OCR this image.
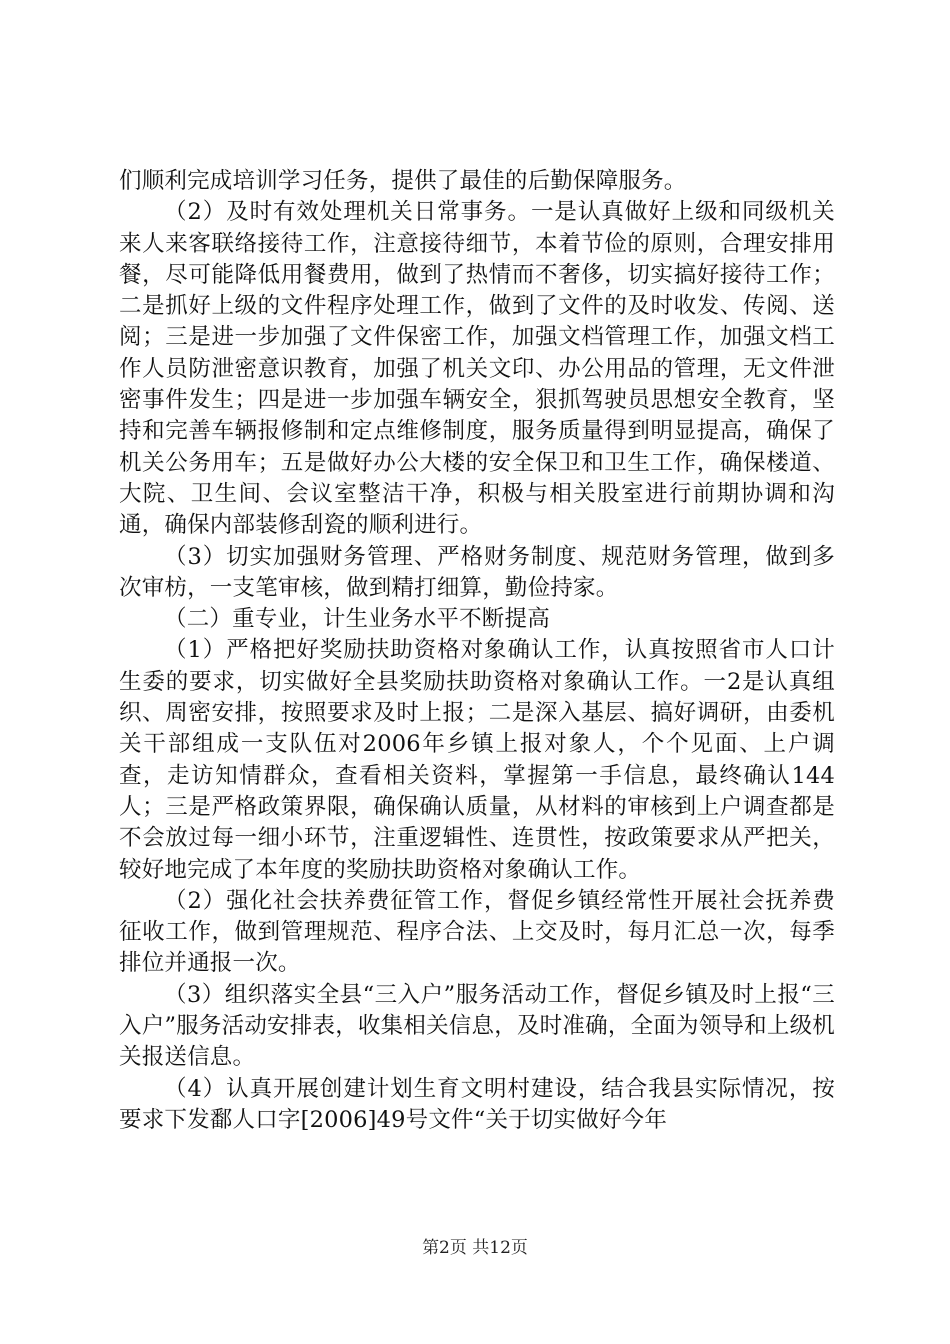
们顺利完成培训学习任务，提供了最佳的后勤保障服务。

（2）及时有效处理机关日常事务。一是认真做好上级和同级机关来人来客联络接待工作，注意接待细节，本着节俭的原则，合理安排用餐，尽可能降低用餐费用，做到了热情而不奢侈，切实搞好接待工作；二是抓好上级的文件程序处理工作，做到了文件的及时收发、传阅、送阅；三是进一步加强了文件保密工作，加强文档管理工作，加强文档工作人员防泄密意识教育，加强了机关文印、办公用品的管理，无文件泄密事件发生；四是进一步加强车辆安全，狠抓驾驶员思想安全教育，坚持和完善车辆报修制和定点维修制度，服务质量得到明显提高，确保了机关公务用车；五是做好办公大楼的安全保卫和卫生工作，确保楼道、大院、卫生间、会议室整洁干净，积极与相关股室进行前期协调和沟通，确保内部装修刮瓷的顺利进行。

（3）切实加强财务管理、严格财务制度、规范财务管理，做到多次审枋，一支笔审核，做到精打细算，勤俭持家。

（二）重专业，计生业务水平不断提高

（1）严格把好奖励扶助资格对象确认工作，认真按照省市人口计生委的要求，切实做好全县奖励扶助资格对象确认工作。一2是认真组织、周密安排，按照要求及时上报；二是深入基层、搞好调研，由委机关干部组成一支队伍对2006年乡镇上报对象人，个个见面、上户调查，走访知情群众，查看相关资料，掌握第一手信息，最终确认144人；三是严格政策界限，确保确认质量，从材料的审核到上户调查都是不会放过每一细小环节，注重逻辑性、连贯性，按政策要求从严把关，较好地完成了本年度的奖励扶助资格对象确认工作。

（2）强化社会扶养费征管工作，督促乡镇经常性开展社会抚养费征收工作，做到管理规范、程序合法、上交及时，每月汇总一次，每季排位并通报一次。

（3）组织落实全县“三入户”服务活动工作，督促乡镇及时上报“三入户”服务活动安排表，收集相关信息，及时准确，全面为领导和上级机关报送信息。

（4）认真开展创建计划生育文明村建设，结合我县实际情况，按要求下发鄱人口字[2006]49号文件“关于切实做好今年

第2页 共12页
